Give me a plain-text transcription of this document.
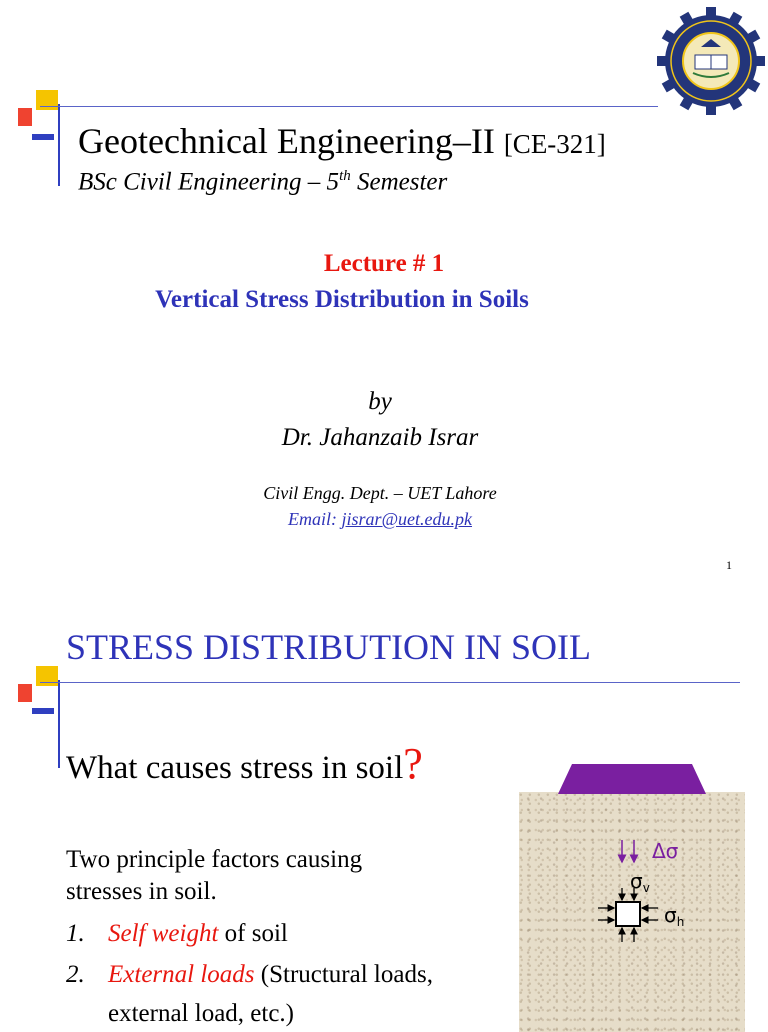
Geotechnical Engineering–II [CE-321]
BSc Civil Engineering – 5th Semester
Lecture # 1
Vertical Stress Distribution in Soils
by
Dr. Jahanzaib Israr
Civil Engg. Dept. – UET Lahore
Email: jisrar@uet.edu.pk
1
STRESS DISTRIBUTION IN SOIL
What causes stress in soil?
Two principle factors causing
stresses in soil.
1. Self weight of soil
2. External loads (Structural loads,
external load, etc.)
Δσ
$\sigma_v$
$\sigma_h$
